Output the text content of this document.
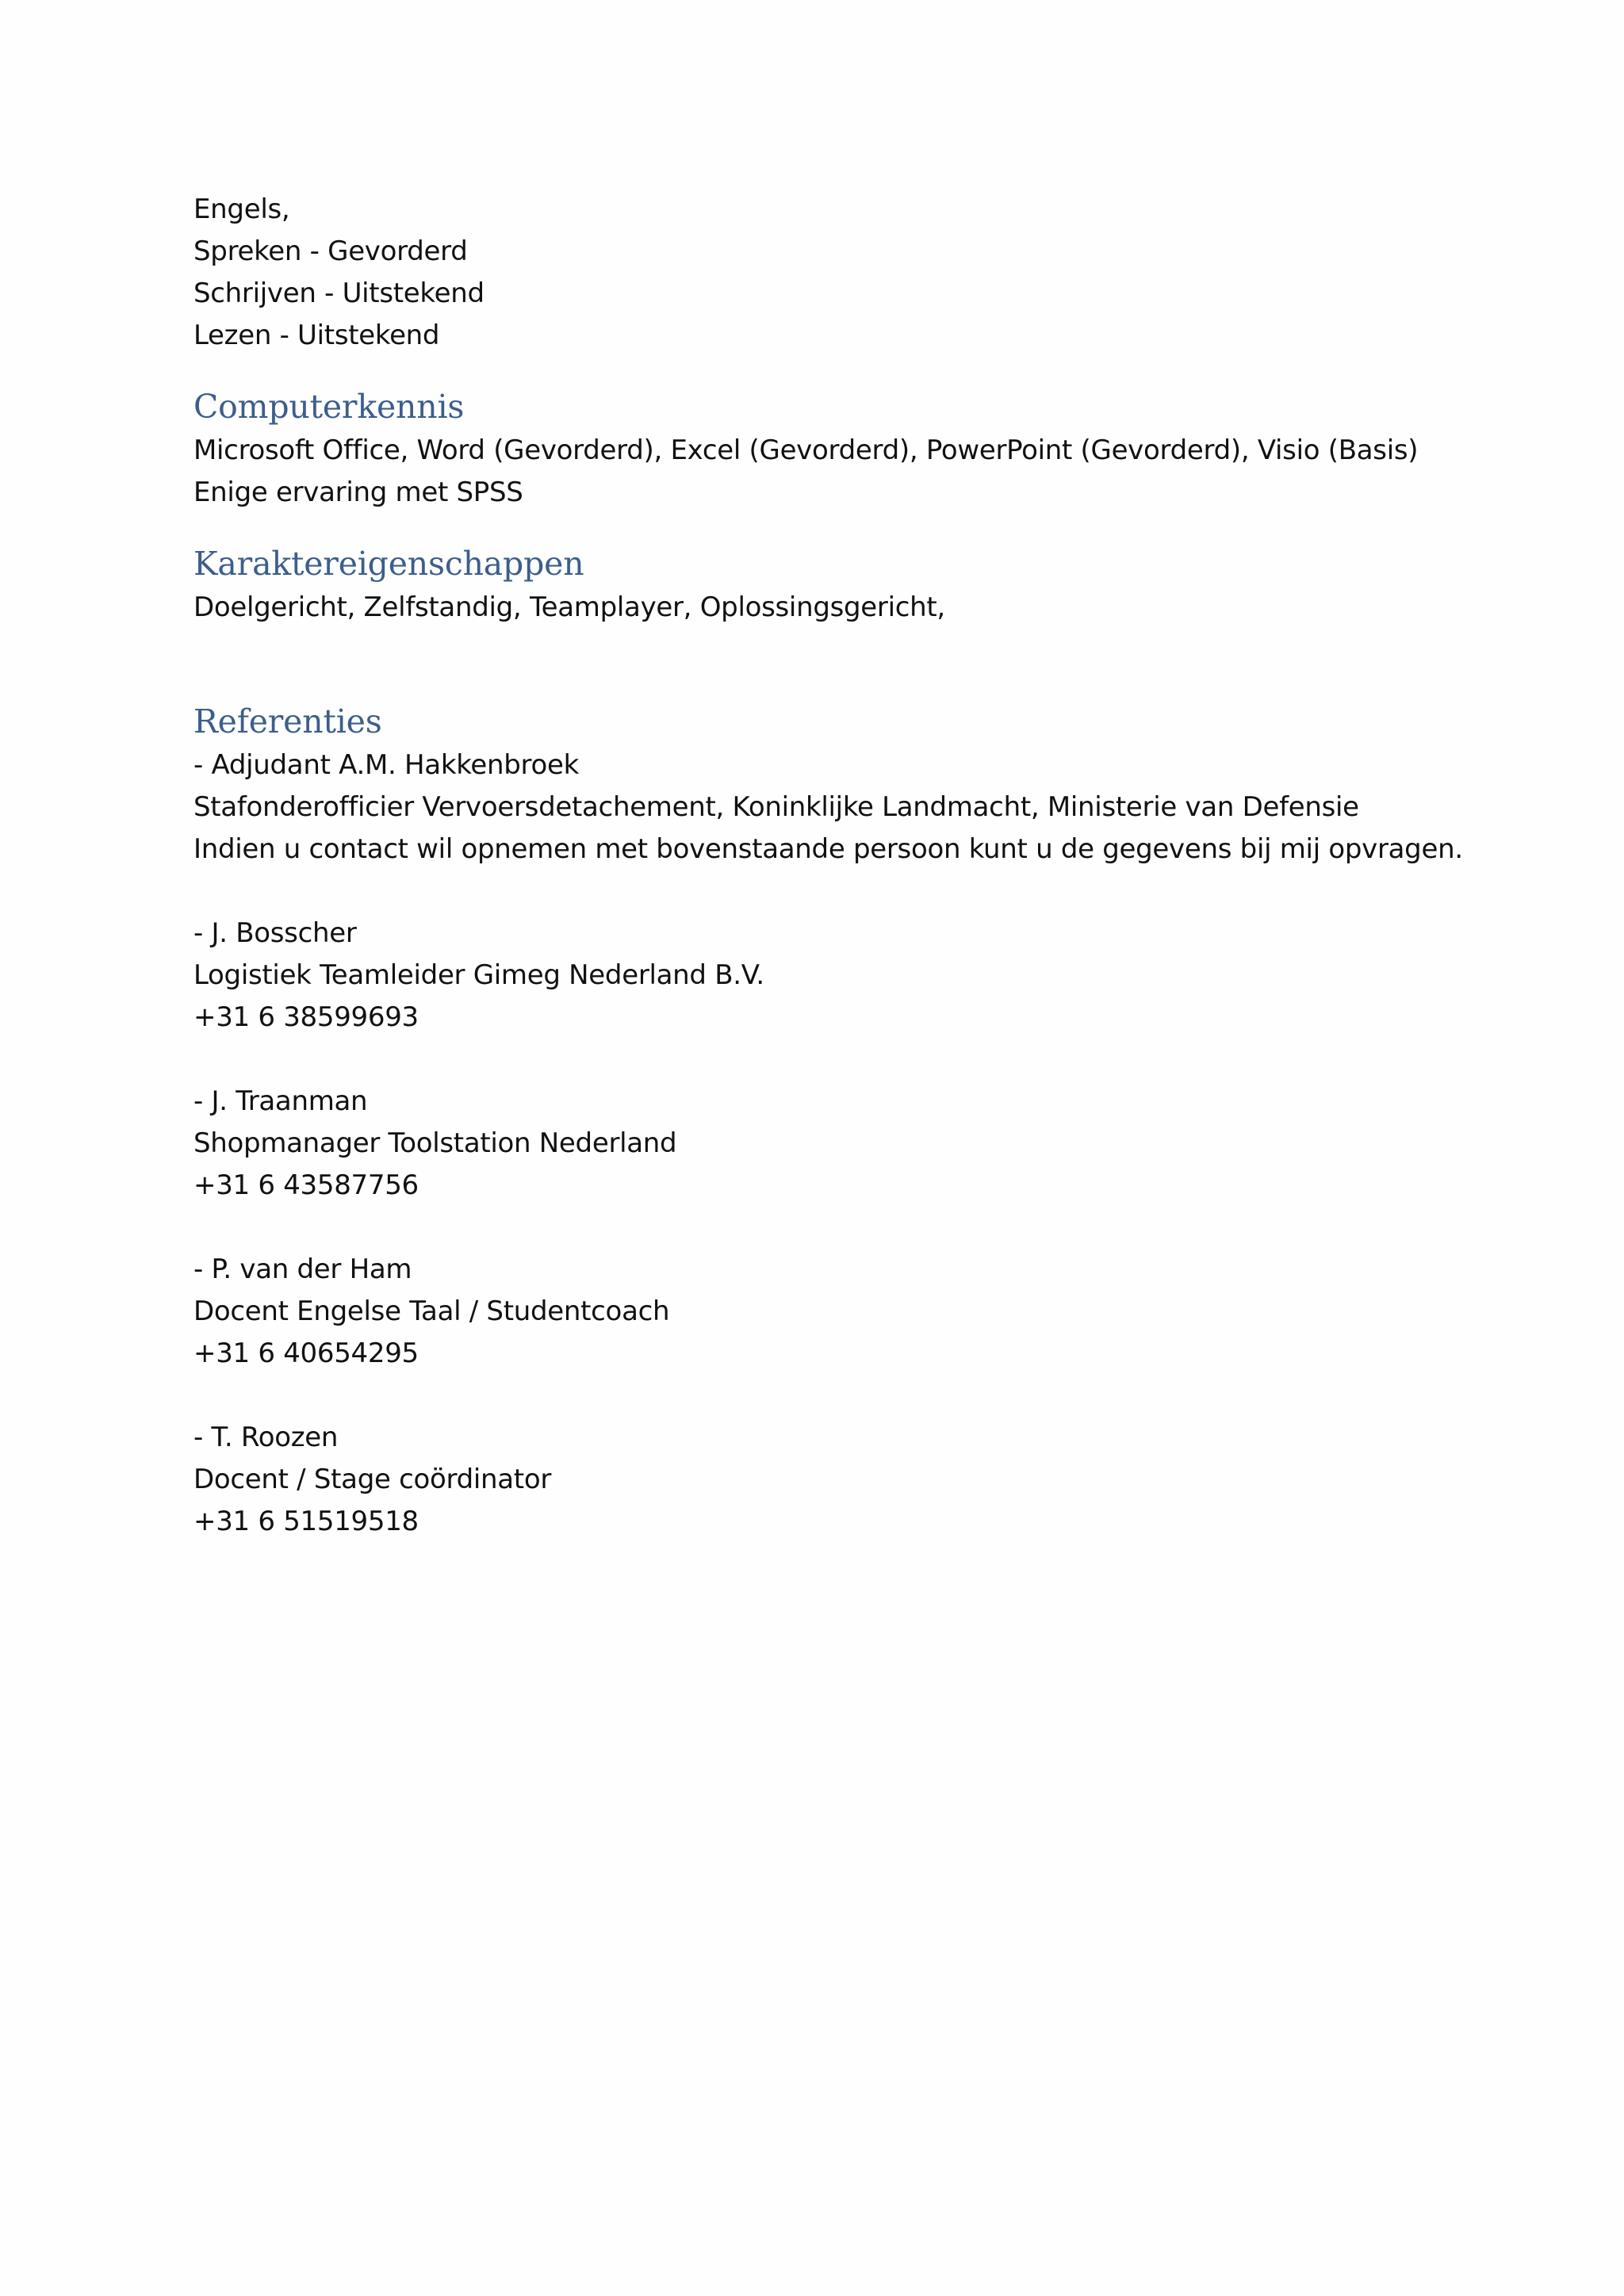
Engels,
Spreken - Gevorderd
Schrijven - Uitstekend
Lezen - Uitstekend
Computerkennis
Microsoft Office, Word (Gevorderd), Excel (Gevorderd), PowerPoint (Gevorderd), Visio (Basis)
Enige ervaring met SPSS
Karaktereigenschappen
Doelgericht, Zelfstandig, Teamplayer, Oplossingsgericht,
Referenties
- Adjudant A.M. Hakkenbroek
Stafonderofficier Vervoersdetachement, Koninklijke Landmacht, Ministerie van Defensie
Indien u contact wil opnemen met bovenstaande persoon kunt u de gegevens bij mij opvragen.
- J. Bosscher
Logistiek Teamleider Gimeg Nederland B.V.
+31 6 38599693
- J. Traanman
Shopmanager Toolstation Nederland
+31 6 43587756
- P. van der Ham
Docent Engelse Taal / Studentcoach
+31 6 40654295
- T. Roozen
Docent / Stage coördinator
+31 6 51519518
